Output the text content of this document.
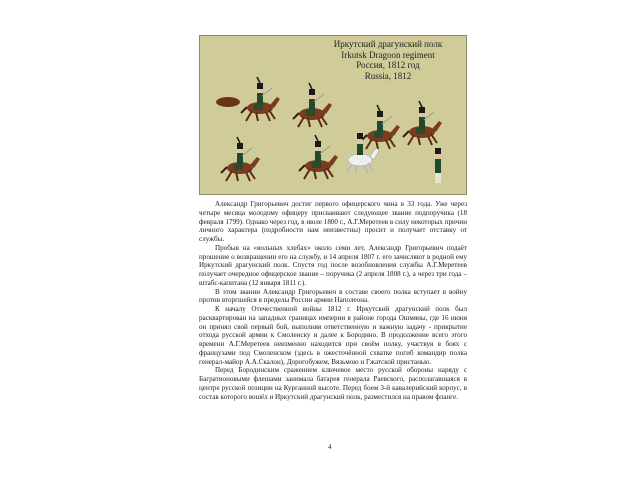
Иркутский драгунский полк
Irkutsk Dragoon regiment
Россия, 1812 год
Russia, 1812

Александр Григорьевич достиг первого офицерского чина в 33 года. Уже через четыре месяца молодому офицеру присваивают следующее звание подпоручика (18 февраля 1799). Однако через год, в июле 1800 г., А.Г.Меретеев в силу некоторых причин личного характера (подробности нам неизвестны) просит и получает отставку от службы.

Пробыв на «вольных хлебах» около семи лет, Александр Григорьевич подаёт прошение о возвращении его на службу, и 14 апреля 1807 г. его зачисляют в родной ему Иркутский драгунский полк. Спустя год после возобновления службы А.Г.Меретеев получает очередное офицерское звание – поручика (2 апреля 1808 г.), а через три года – штабс-капитана (12 января 1811 г.).

В этом звании Александр Григорьевич в составе своего полка вступает в войну против вторгшейся в пределы России армии Наполеона.

К началу Отечественной войны 1812 г. Иркутский драгунский полк был расквартирован на западных границах империи в районе города Ошмяны, где 16 июня он принял свой первый бой, выполняя ответственную и важную задачу - прикрытие отхода русской армии к Смоленску и далее к Бородино. В продолжение всего этого времени А.Г.Меретеев неизменно находится при своём полку, участвуя в боях с французами под Смоленском (здесь в ожесточённой схватке погиб командир полка генерал-майор А.А.Скалон), Дорогобужем, Вязьмою и Гжатской пристанью.

Перед Бородинским сражением ключевое место русской обороны наряду с Багратионовыми флешами занимала батарея генерала Раевского, располагавшаяся в центре русской позиции на Курганной высоте. Перед боем 3-й кавалерийский корпус, в состав которого вошёл и Иркутский драгунский полк, разместился на правом фланге.

4
